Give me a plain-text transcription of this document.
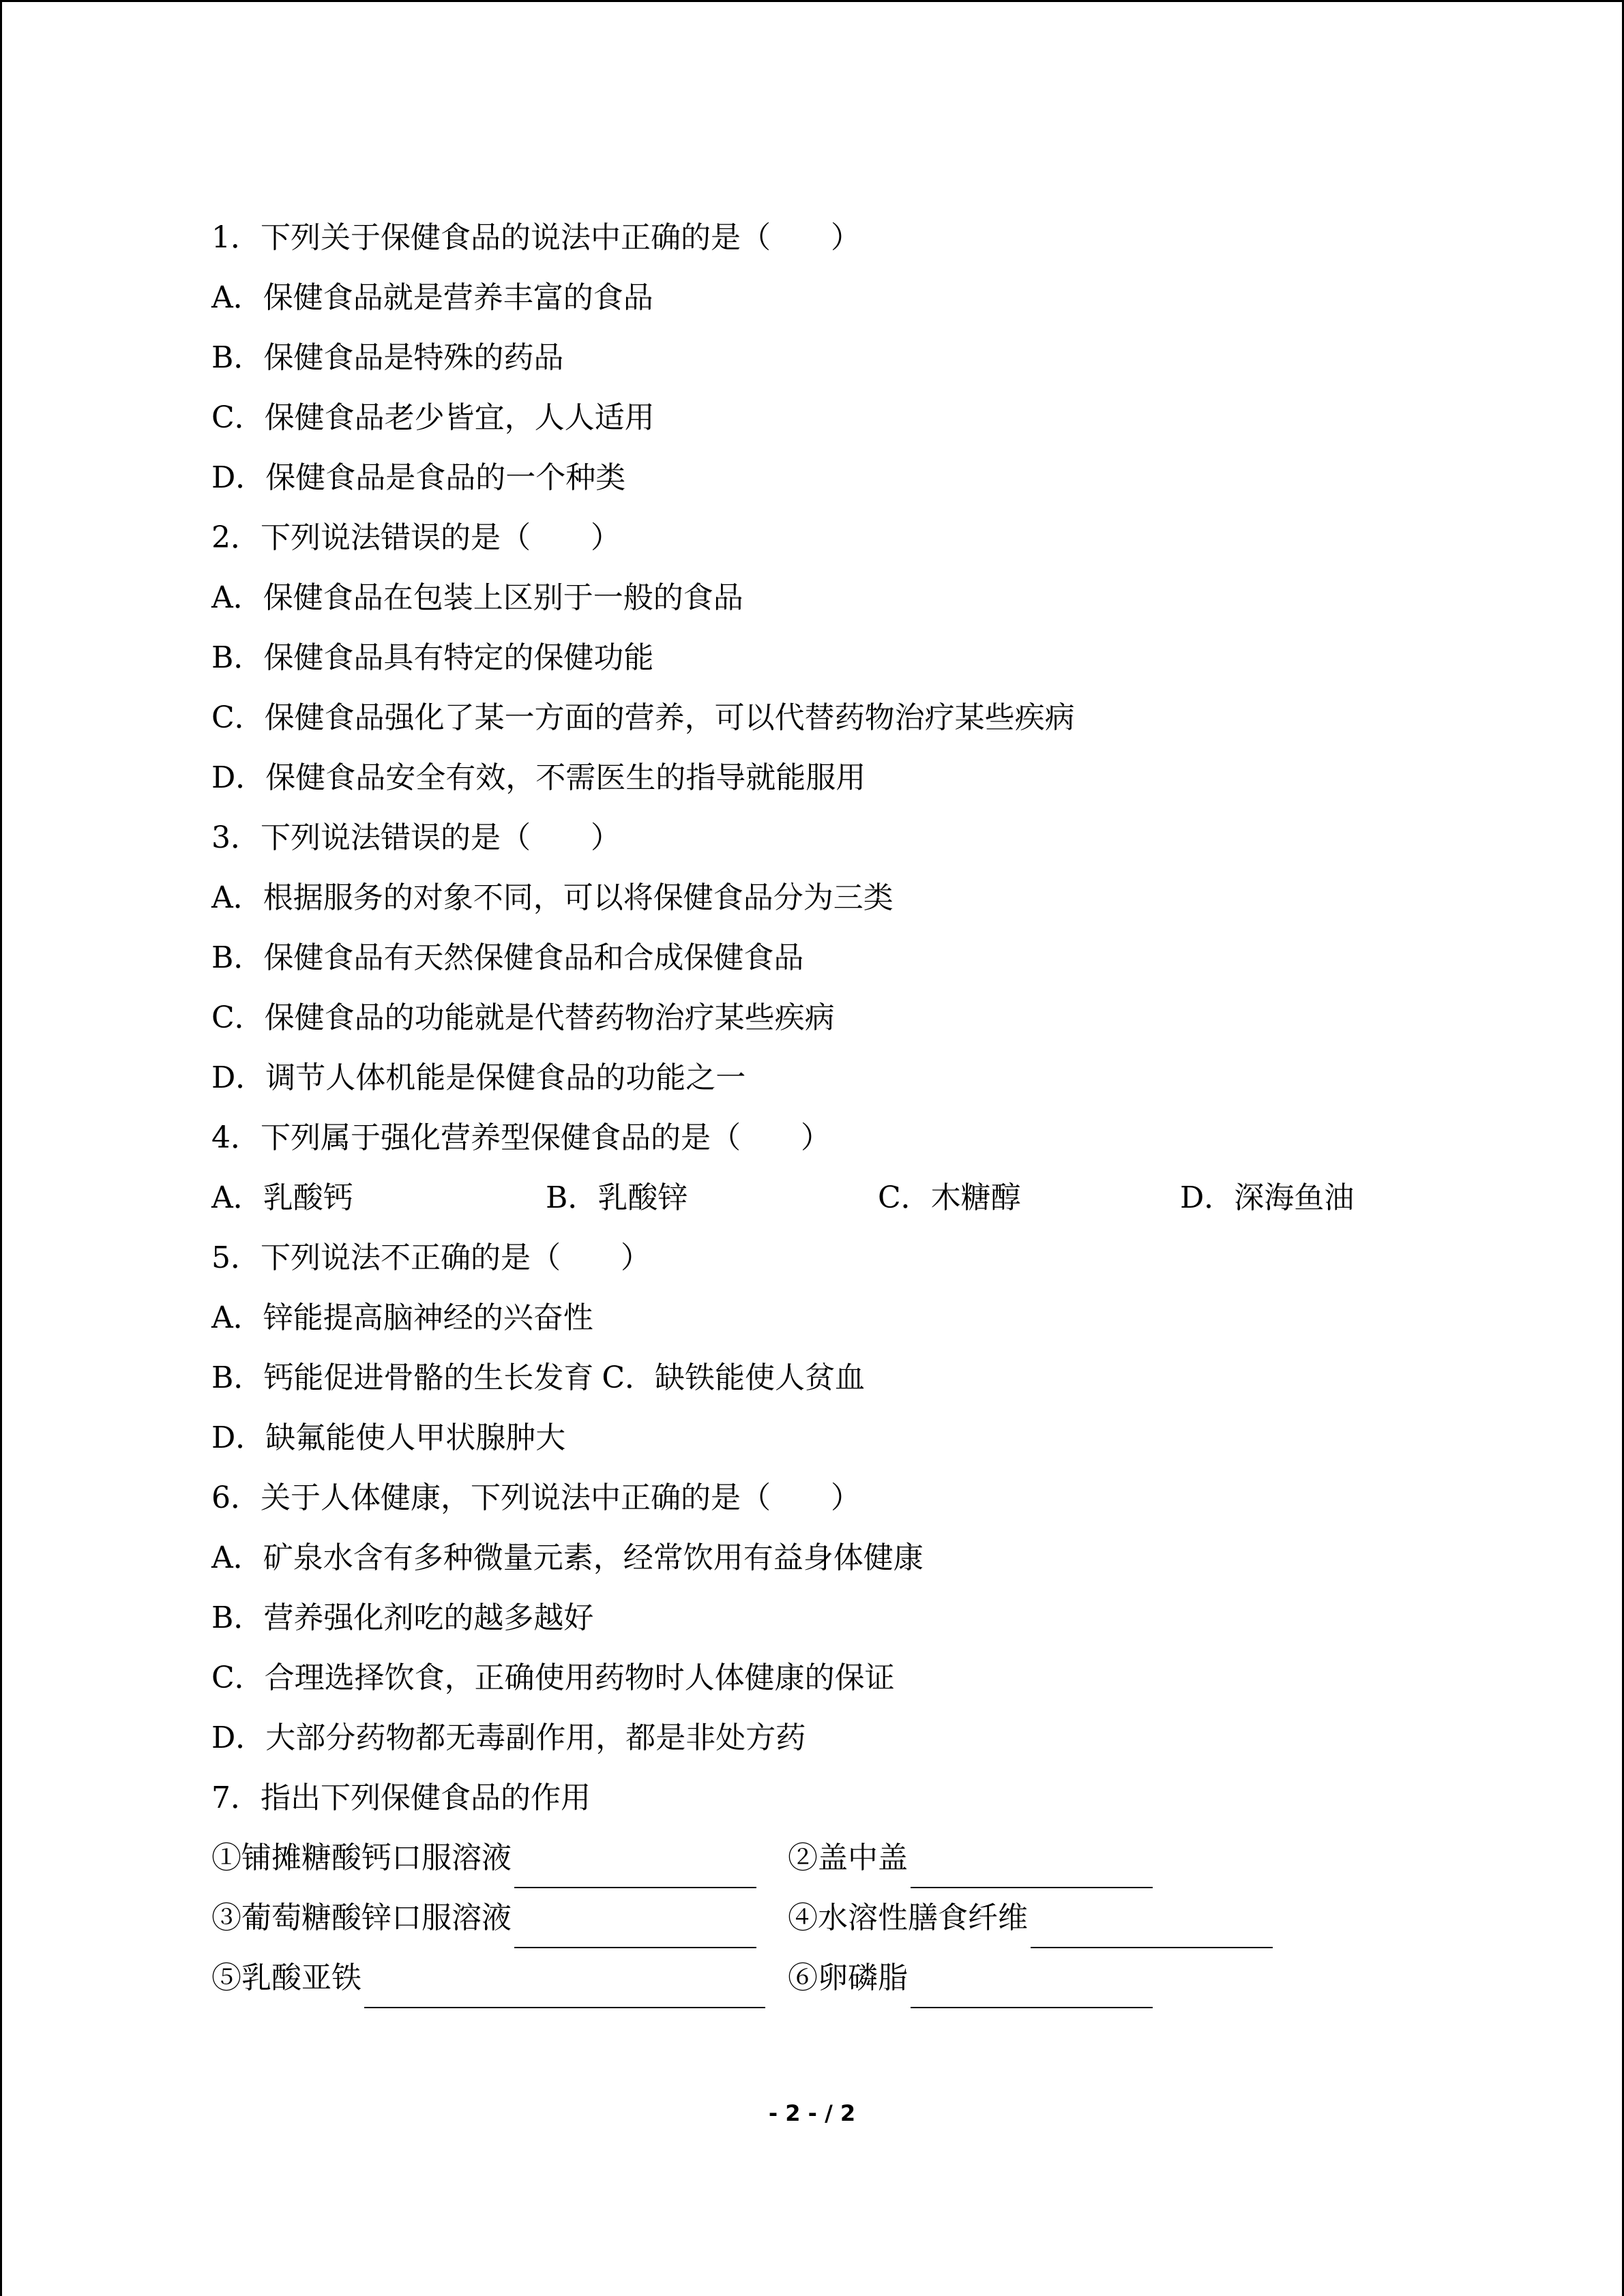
1．下列关于保健食品的说法中正确的是（　　）
A．保健食品就是营养丰富的食品
B．保健食品是特殊的药品
C．保健食品老少皆宜，人人适用
D．保健食品是食品的一个种类
2．下列说法错误的是（　　）
A．保健食品在包装上区别于一般的食品
B．保健食品具有特定的保健功能
C．保健食品强化了某一方面的营养，可以代替药物治疗某些疾病
D．保健食品安全有效，不需医生的指导就能服用
3．下列说法错误的是（　　）
A．根据服务的对象不同，可以将保健食品分为三类
B．保健食品有天然保健食品和合成保健食品
C．保健食品的功能就是代替药物治疗某些疾病
D．调节人体机能是保健食品的功能之一
4．下列属于强化营养型保健食品的是（　　）
A．乳酸钙	B．乳酸锌	C．木糖醇	D．深海鱼油
5．下列说法不正确的是（　　）
A．锌能提高脑神经的兴奋性
B．钙能促进骨骼的生长发育 C．缺铁能使人贫血
D．缺氟能使人甲状腺肿大
6．关于人体健康，下列说法中正确的是（　　）
A．矿泉水含有多种微量元素，经常饮用有益身体健康
B．营养强化剂吃的越多越好
C．合理选择饮食，正确使用药物时人体健康的保证
D．大部分药物都无毒副作用，都是非处方药
7．指出下列保健食品的作用
①铺摊糖酸钙口服溶液	②盖中盖
③葡萄糖酸锌口服溶液	④水溶性膳食纤维
⑤乳酸亚铁	⑥卵磷脂
- 2 - / 2
